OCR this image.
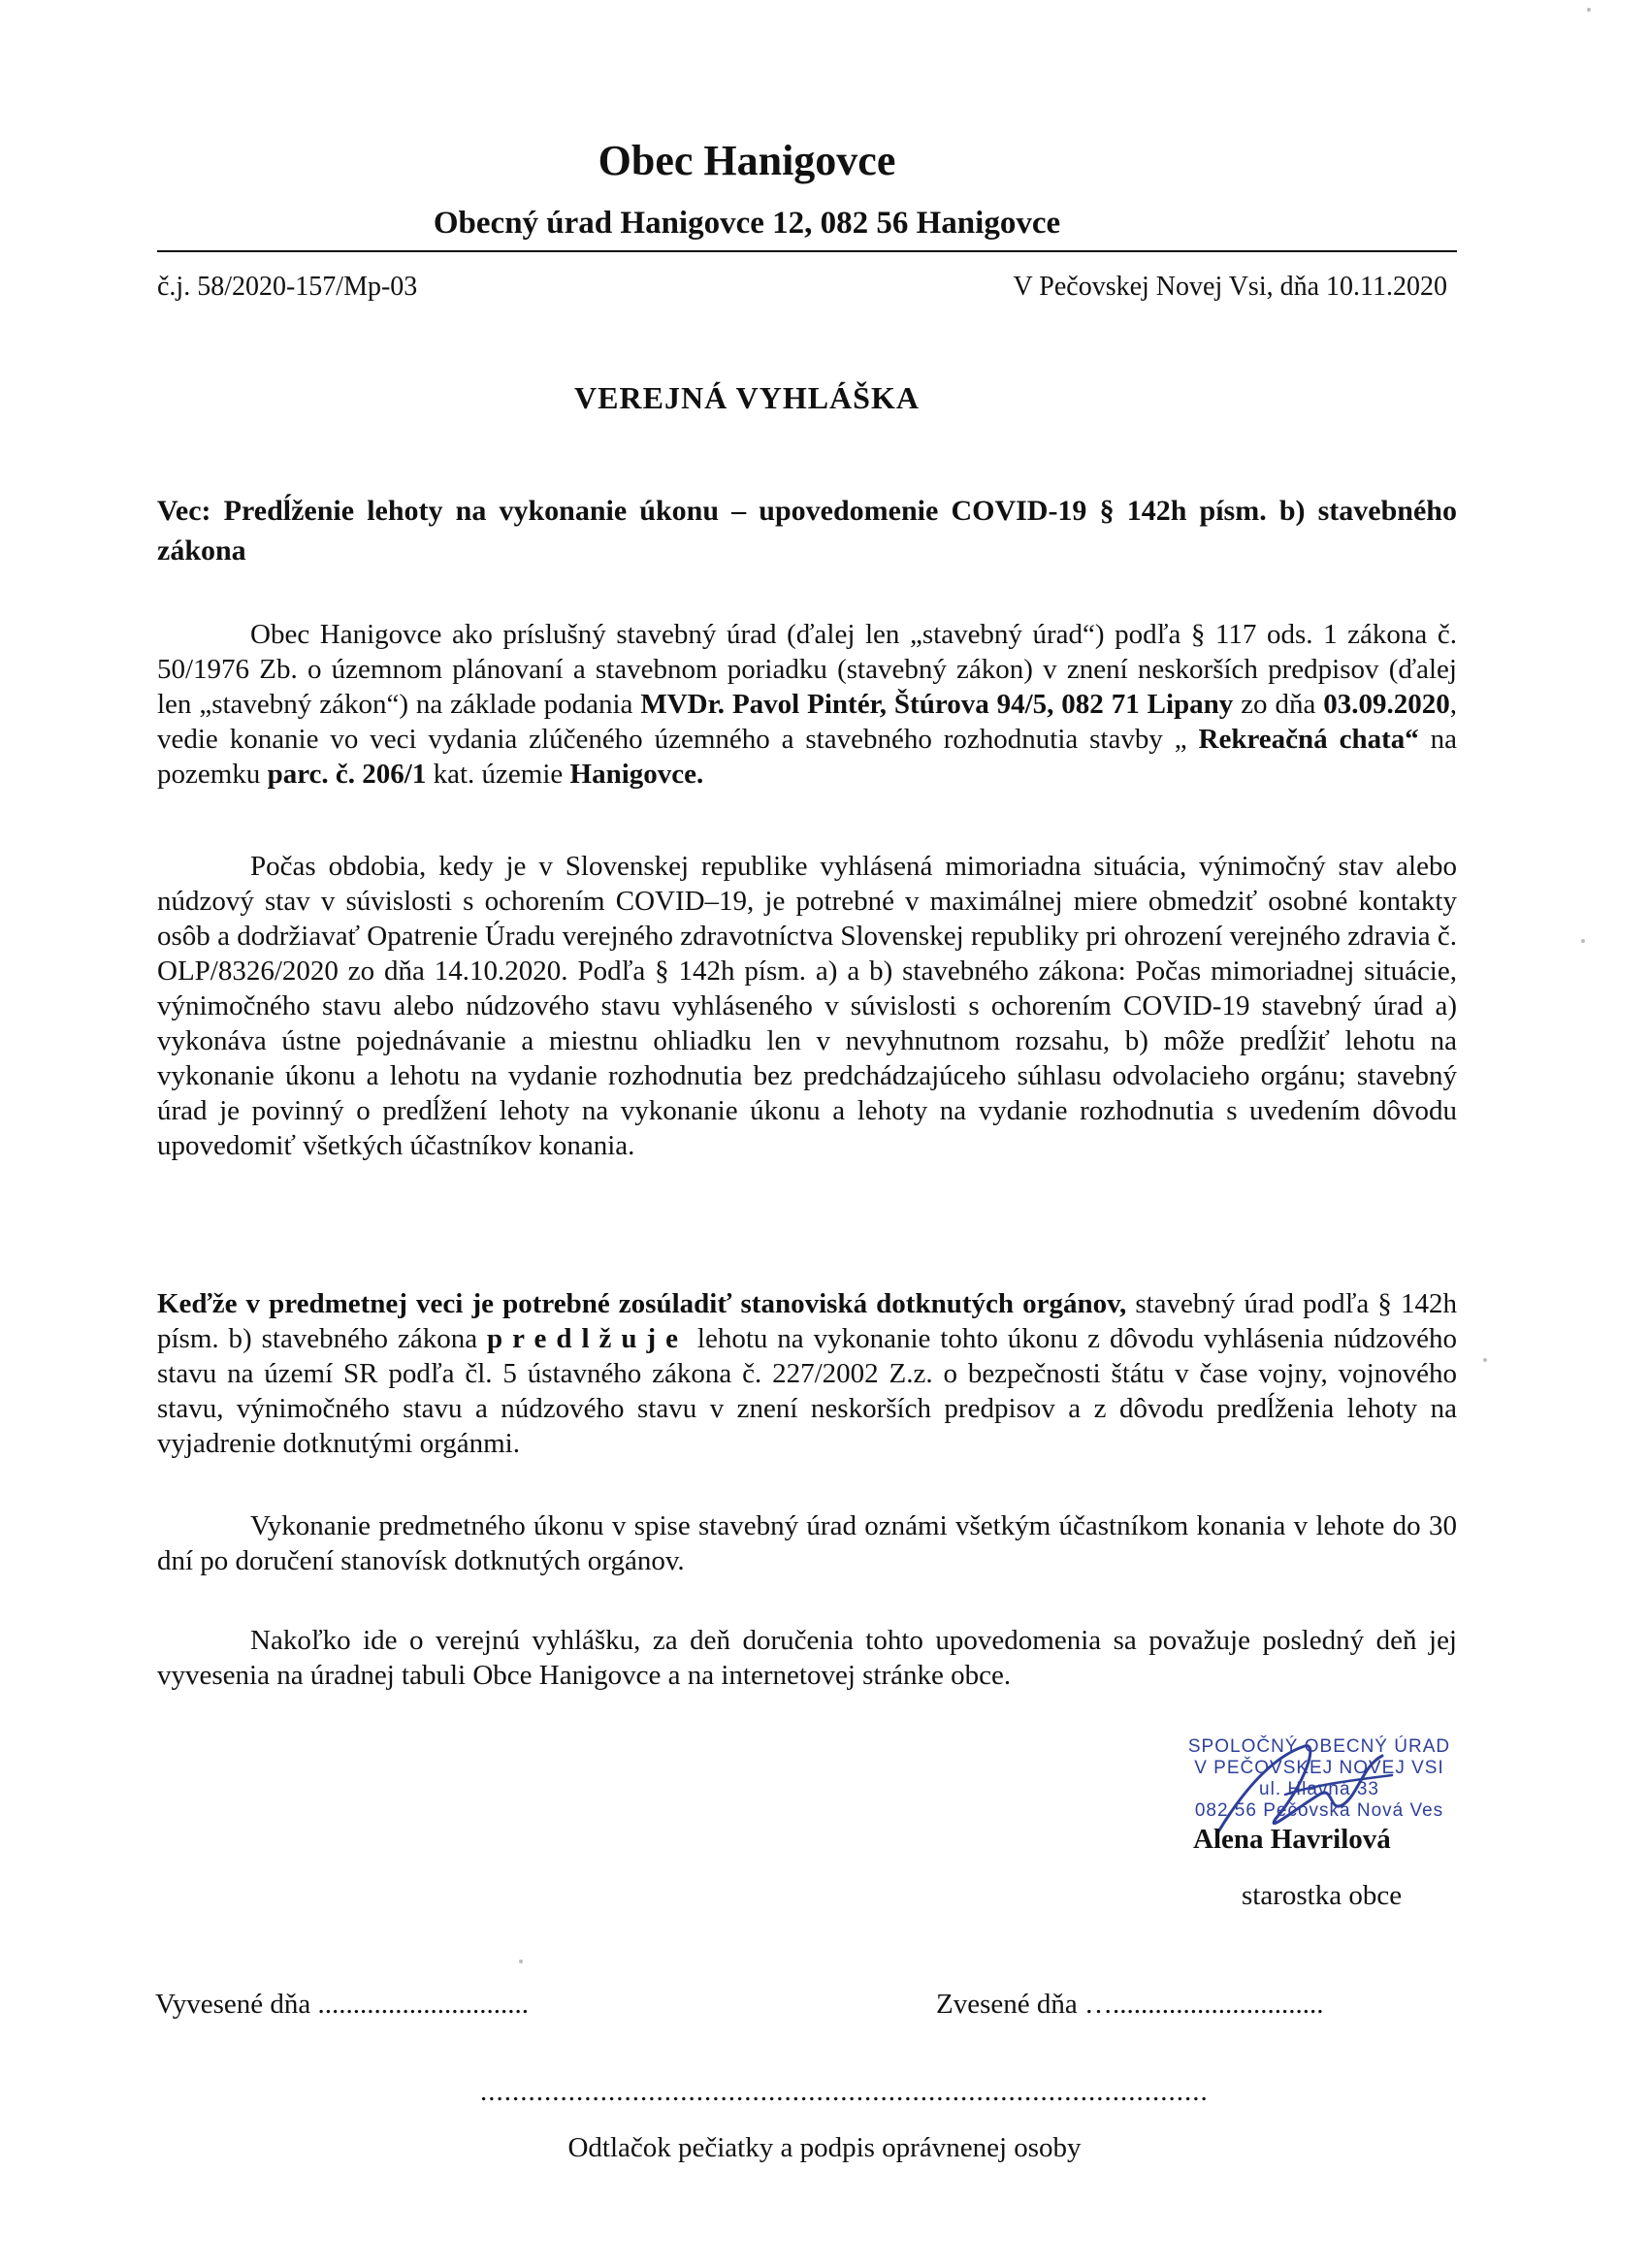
Obec Hanigovce
Obecný úrad Hanigovce 12, 082 56 Hanigovce
č.j. 58/2020-157/Mp-03	V Pečovskej Novej Vsi, dňa 10.11.2020
VEREJNÁ VYHLÁŠKA
Vec: Predĺženie lehoty na vykonanie úkonu – upovedomenie COVID-19 § 142h písm. b) stavebného zákona
Obec Hanigovce ako príslušný stavebný úrad (ďalej len „stavebný úrad“) podľa § 117 ods. 1 zákona č. 50/1976 Zb. o územnom plánovaní a stavebnom poriadku (stavebný zákon) v znení neskorších predpisov (ďalej len „stavebný zákon“) na základe podania MVDr. Pavol Pintér, Štúrova 94/5, 082 71 Lipany zo dňa 03.09.2020, vedie konanie vo veci vydania zlúčeného územného a stavebného rozhodnutia stavby „ Rekreačná chata“ na pozemku parc. č. 206/1 kat. územie Hanigovce.
Počas obdobia, kedy je v Slovenskej republike vyhlásená mimoriadna situácia, výnimočný stav alebo núdzový stav v súvislosti s ochorením COVID–19, je potrebné v maximálnej miere obmedziť osobné kontakty osôb a dodržiavať Opatrenie Úradu verejného zdravotníctva Slovenskej republiky pri ohrození verejného zdravia č. OLP/8326/2020 zo dňa 14.10.2020. Podľa § 142h písm. a) a b) stavebného zákona: Počas mimoriadnej situácie, výnimočného stavu alebo núdzového stavu vyhláseného v súvislosti s ochorením COVID-19 stavebný úrad a) vykonáva ústne pojednávanie a miestnu ohliadku len v nevyhnutnom rozsahu, b) môže predĺžiť lehotu na vykonanie úkonu a lehotu na vydanie rozhodnutia bez predchádzajúceho súhlasu odvolacieho orgánu; stavebný úrad je povinný o predĺžení lehoty na vykonanie úkonu a lehoty na vydanie rozhodnutia s uvedením dôvodu upovedomiť všetkých účastníkov konania.
Keďže v predmetnej veci je potrebné zosúladiť stanoviská dotknutých orgánov, stavebný úrad podľa § 142h písm. b) stavebného zákona predlžuje lehotu na vykonanie tohto úkonu z dôvodu vyhlásenia núdzového stavu na území SR podľa čl. 5 ústavného zákona č. 227/2002 Z.z. o bezpečnosti štátu v čase vojny, vojnového stavu, výnimočného stavu a núdzového stavu v znení neskorších predpisov a z dôvodu predĺženia lehoty na vyjadrenie dotknutými orgánmi.
Vykonanie predmetného úkonu v spise stavebný úrad oznámi všetkým účastníkom konania v lehote do 30 dní po doručení stanovísk dotknutých orgánov.
Nakoľko ide o verejnú vyhlášku, za deň doručenia tohto upovedomenia sa považuje posledný deň jej vyvesenia na úradnej tabuli Obce Hanigovce a na internetovej stránke obce.
SPOLOČNÝ OBECNÝ ÚRAD
V PEČOVSKEJ NOVEJ VSI
ul. Hlavná 33
082 56 Pečovská Nová Ves
Alena Havrilová
starostka obce
Vyvesené dňa ..............................	Zvesené dňa …..............................
...........................................................................................
Odtlačok pečiatky a podpis oprávnenej osoby
